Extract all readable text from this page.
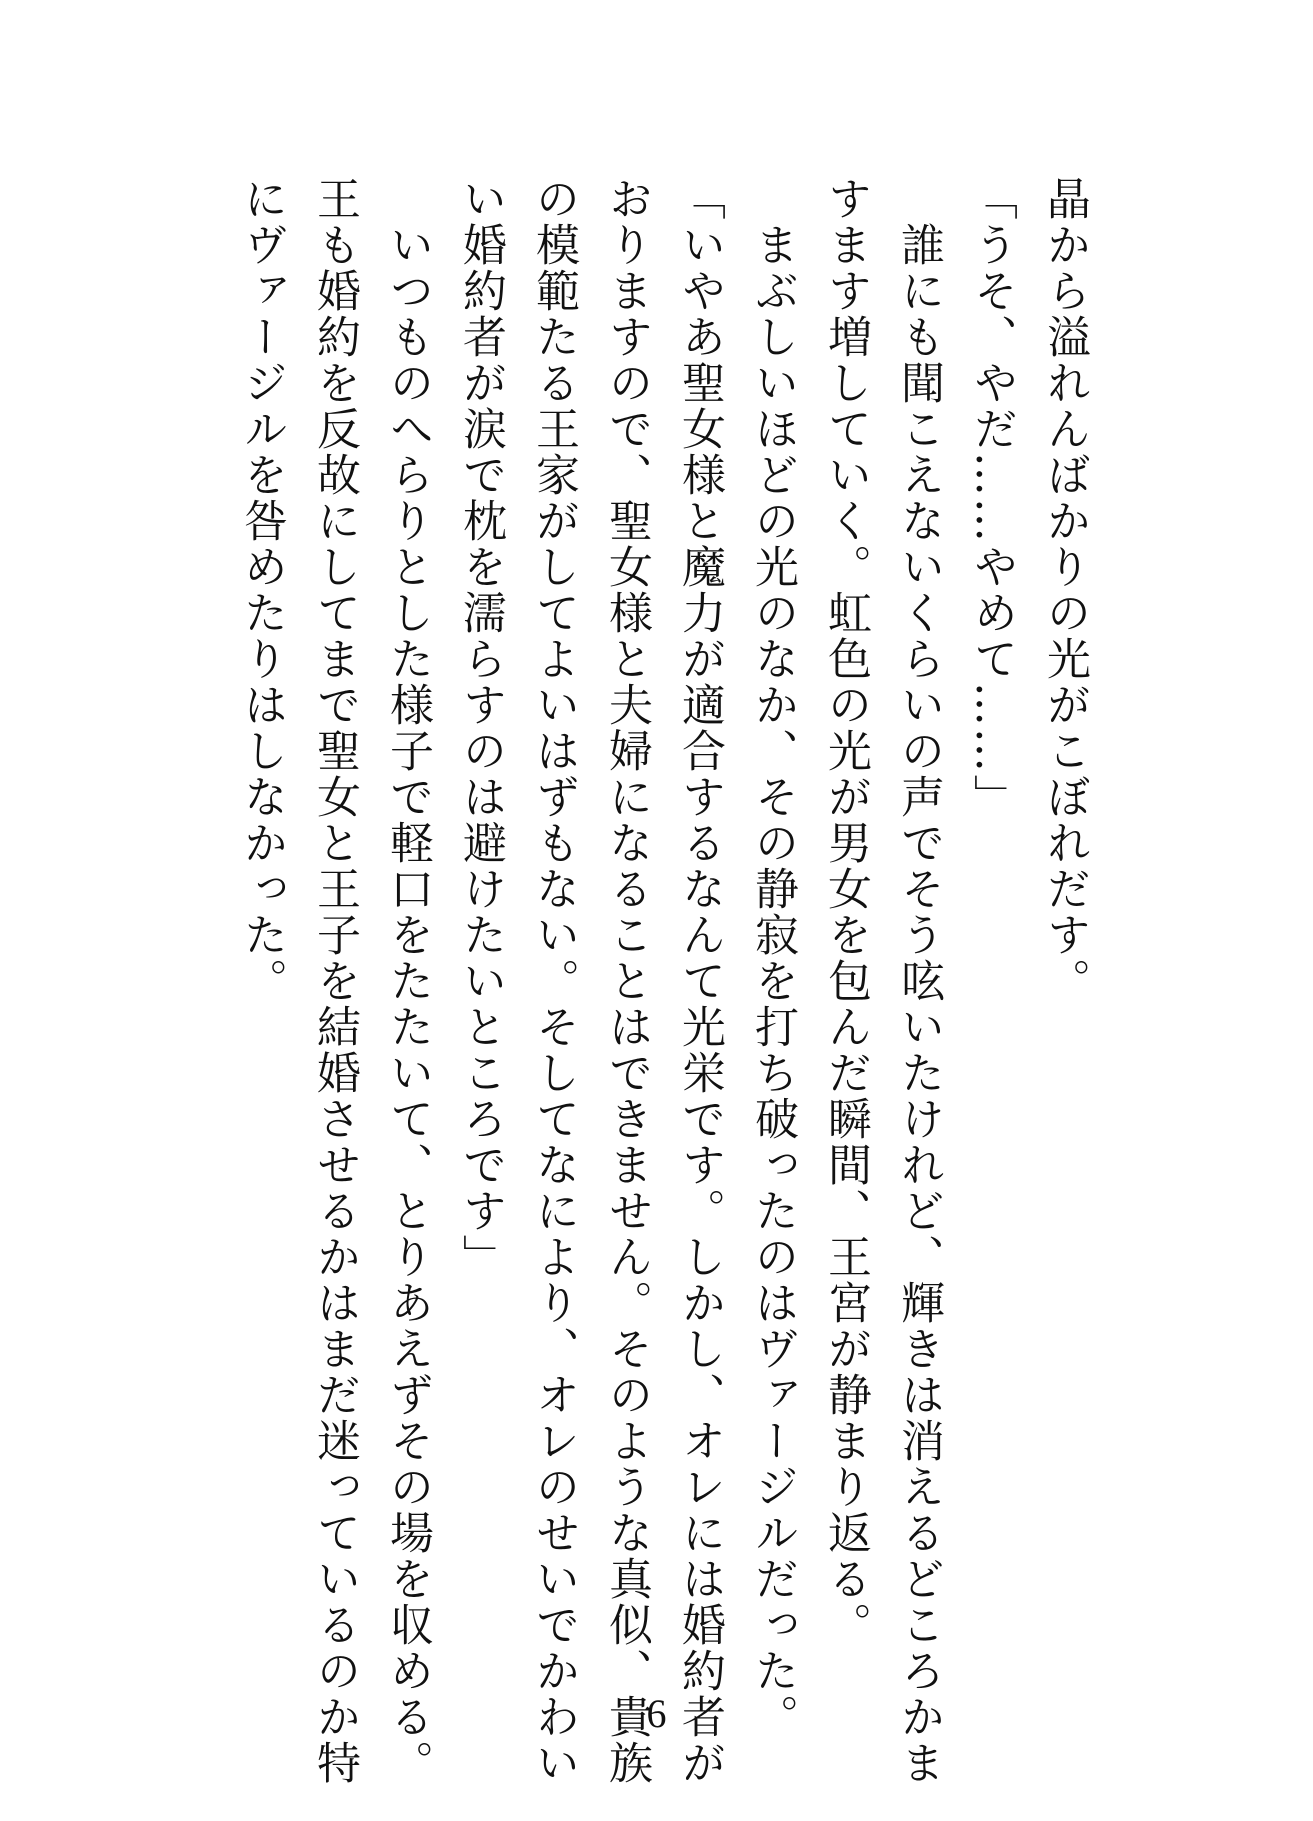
晶から溢れんばかりの光がこぼれだす。
「うそ、やだ……やめて……」
　誰にも聞こえないくらいの声でそう呟いたけれど、輝きは消えるどころかま
すます増していく。虹色の光が男女を包んだ瞬間、王宮が静まり返る。
　まぶしいほどの光のなか、その静寂を打ち破ったのはヴァージルだった。
「いやあ聖女様と魔力が適合するなんて光栄です。しかし、オレには婚約者が
おりますので、聖女様と夫婦になることはできません。そのような真似、貴族
の模範たる王家がしてよいはずもない。そしてなにより、オレのせいでかわい
い婚約者が涙で枕を濡らすのは避けたいところです」
　いつものへらりとした様子で軽口をたたいて、とりあえずその場を収める。
王も婚約を反故にしてまで聖女と王子を結婚させるかはまだ迷っているのか特
にヴァージルを咎めたりはしなかった。
6
